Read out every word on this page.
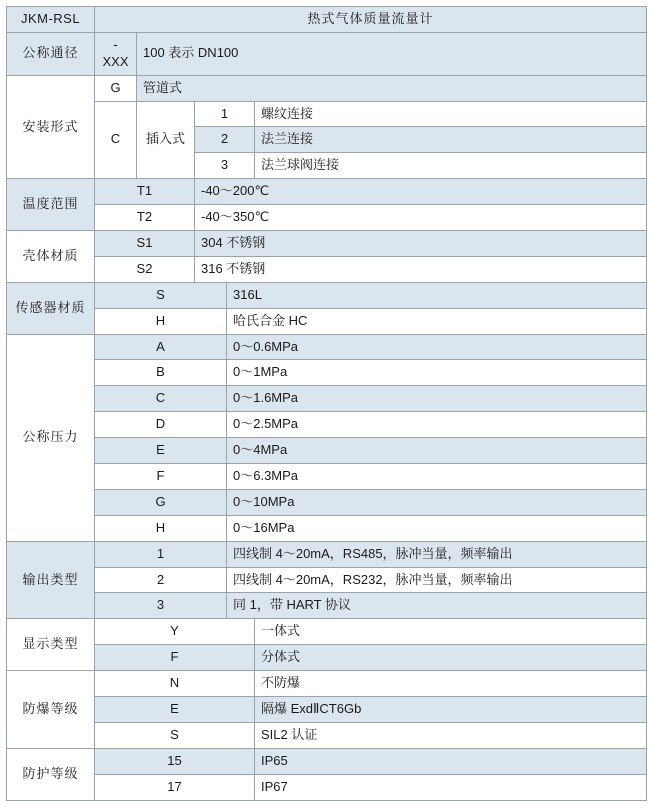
JKM-RSL	热式气体质量流量计				
公称通径	-XXX	100 表示 DN100			
安装形式	G	管道式			
	C	插入式	1		螺纹连接
			2		法兰连接
			3		法兰球阀连接
温度范围	T1		-40～200℃		
	T2		-40～350℃		
壳体材质	S1		304 不锈钢		
	S2		316 不锈钢		
传感器材质	S			316L	
	H			哈氏合金 HC	
公称压力	A			0～0.6MPa	
	B			0～1MPa	
	C			0～1.6MPa	
	D			0～2.5MPa	
	E			0～4MPa	
	F			0～6.3MPa	
	G			0～10MPa	
	H			0～16MPa	
输出类型	1			四线制 4～20mA，RS485，脉冲当量，频率输出	
	2			四线制 4～20mA，RS232，脉冲当量，频率输出	
	3			同 1，带 HART 协议	
显示类型	Y				一体式
	F				分体式
防爆等级	N				不防爆
	E				隔爆 ExdⅡCT6Gb
	S				SIL2 认证
防护等级	15				IP65
	17				IP67
